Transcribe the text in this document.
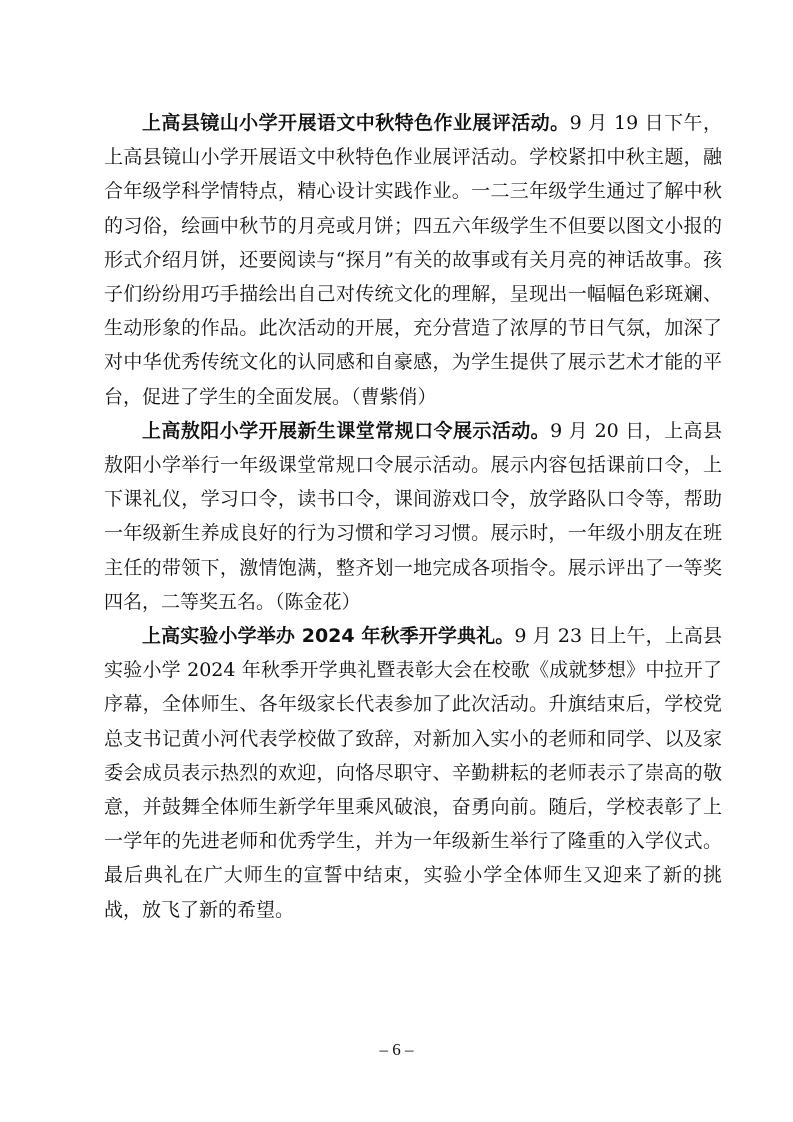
上高县镜山小学开展语文中秋特色作业展评活动。9 月 19 日下午，上高县镜山小学开展语文中秋特色作业展评活动。学校紧扣中秋主题，融合年级学科学情特点，精心设计实践作业。一二三年级学生通过了解中秋的习俗，绘画中秋节的月亮或月饼；四五六年级学生不但要以图文小报的形式介绍月饼，还要阅读与“探月”有关的故事或有关月亮的神话故事。孩子们纷纷用巧手描绘出自己对传统文化的理解，呈现出一幅幅色彩斑斓、生动形象的作品。此次活动的开展，充分营造了浓厚的节日气氛，加深了对中华优秀传统文化的认同感和自豪感，为学生提供了展示艺术才能的平台，促进了学生的全面发展。（曹紫俏）

上高敖阳小学开展新生课堂常规口令展示活动。9 月 20 日，上高县敖阳小学举行一年级课堂常规口令展示活动。展示内容包括课前口令，上下课礼仪，学习口令，读书口令，课间游戏口令，放学路队口令等，帮助一年级新生养成良好的行为习惯和学习习惯。展示时，一年级小朋友在班主任的带领下，激情饱满，整齐划一地完成各项指令。展示评出了一等奖四名，二等奖五名。（陈金花）

上高实验小学举办 2024 年秋季开学典礼。9 月 23 日上午，上高县实验小学 2024 年秋季开学典礼暨表彰大会在校歌《成就梦想》中拉开了序幕，全体师生、各年级家长代表参加了此次活动。升旗结束后，学校党总支书记黄小河代表学校做了致辞，对新加入实小的老师和同学、以及家委会成员表示热烈的欢迎，向恪尽职守、辛勤耕耘的老师表示了崇高的敬意，并鼓舞全体师生新学年里乘风破浪，奋勇向前。随后，学校表彰了上一学年的先进老师和优秀学生，并为一年级新生举行了隆重的入学仪式。最后典礼在广大师生的宣誓中结束，实验小学全体师生又迎来了新的挑战，放飞了新的希望。

– 6 –
